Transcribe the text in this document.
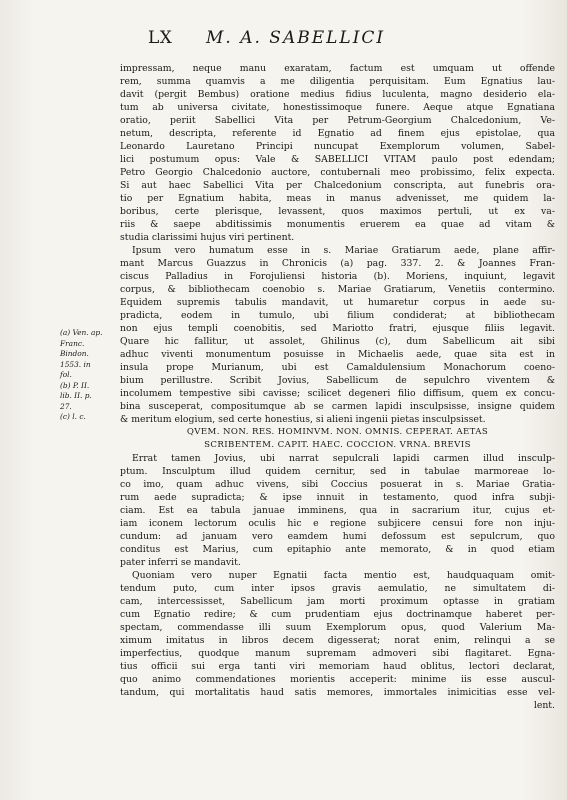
LX M. A. SABELLICI
(a) Ven. ap.
Franc.
Bindon.
1553. in
fol.
(b) P. II.
lib. II. p.
27.
(c) l. c.
impressam, neque manu exaratam, factum est umquam ut offende
rem, summa quamvis a me diligentia perquisitam. Eum Egnatius lau-
davit (pergit Bembus) oratione medius fidius luculenta, magno desiderio ela-
tum ab universa civitate, honestissimoque funere. Aeque atque Egnatiana
oratio, periit Sabellici Vita per Petrum-Georgium Chalcedonium, Ve-
netum, descripta, referente id Egnatio ad finem ejus epistolae, qua
Leonardo Lauretano Principi nuncupat Exemplorum volumen, Sabel-
lici postumum opus: Vale & SABELLICI VITAM paulo post edendam;
Petro Georgio Chalcedonio auctore, contubernali meo probissimo, felix expecta.
Si aut haec Sabellici Vita per Chalcedonium conscripta, aut funebris ora-
tio per Egnatium habita, meas in manus advenisset, me quidem la-
boribus, certe plerisque, levassent, quos maximos pertuli, ut ex va-
riis & saepe abditissimis monumentis eruerem ea quae ad vitam &
studia clarissimi hujus viri pertinent.
Ipsum vero humatum esse in s. Mariae Gratiarum aede, plane affir-
mant Marcus Guazzus in Chronicis (a) pag. 337. 2. & Joannes Fran-
ciscus Palladius in Forojuliensi historia (b). Moriens, inquiunt, legavit
corpus, & bibliothecam coenobio s. Mariae Gratiarum, Venetiis contermino.
Equidem supremis tabulis mandavit, ut humaretur corpus in aede su-
pradicta, eodem in tumulo, ubi filium condiderat; at bibliothecam
non ejus templi coenobitis, sed Mariotto fratri, ejusque filiis legavit.
Quare hic fallitur, ut assolet, Ghilinus (c), dum Sabellicum ait sibi
adhuc viventi monumentum posuisse in Michaelis aede, quae sita est in
insula prope Murianum, ubi est Camaldulensium Monachorum coeno-
bium perillustre. Scribit Jovius, Sabellicum de sepulchro viventem &
incolumem tempestive sibi cavisse; scilicet degeneri filio diffisum, quem ex concu-
bina susceperat, compositumque ab se carmen lapidi insculpsisse, insigne quidem
& meritum elogium, sed certe honestius, si alieni ingenii pietas insculpsisset.
QVEM. NON. RES. HOMINVM. NON. OMNIS. CEPERAT. AETAS
SCRIBENTEM. CAPIT. HAEC. COCCION. VRNA. BREVIS
Errat tamen Jovius, ubi narrat sepulcrali lapidi carmen illud insculp-
ptum. Insculptum illud quidem cernitur, sed in tabulae marmoreae lo-
co imo, quam adhuc vivens, sibi Coccius posuerat in s. Mariae Gratia-
rum aede supradicta; & ipse innuit in testamento, quod infra subji-
ciam. Est ea tabula januae imminens, qua in sacrarium itur, cujus et-
iam iconem lectorum oculis hic e regione subjicere censui fore non inju-
cundum: ad januam vero eamdem humi defossum est sepulcrum, quo
conditus est Marius, cum epitaphio ante memorato, & in quod etiam
pater inferri se mandavit.
Quoniam vero nuper Egnatii facta mentio est, haudquaquam omit-
tendum puto, cum inter ipsos gravis aemulatio, ne simultatem di-
cam, intercessisset, Sabellicum jam morti proximum optasse in gratiam
cum Egnatio redire; & cum prudentiam ejus doctrinamque haberet per-
spectam, commendasse illi suum Exemplorum opus, quod Valerium Ma-
ximum imitatus in libros decem digesserat; norat enim, relinqui a se
imperfectius, quodque manum supremam admoveri sibi flagitaret. Egna-
tius officii sui erga tanti viri memoriam haud oblitus, lectori declarat,
quo animo commendationes morientis acceperit: minime iis esse auscul-
tandum, qui mortalitatis haud satis memores, immortales inimicitias esse vel-
lent.
